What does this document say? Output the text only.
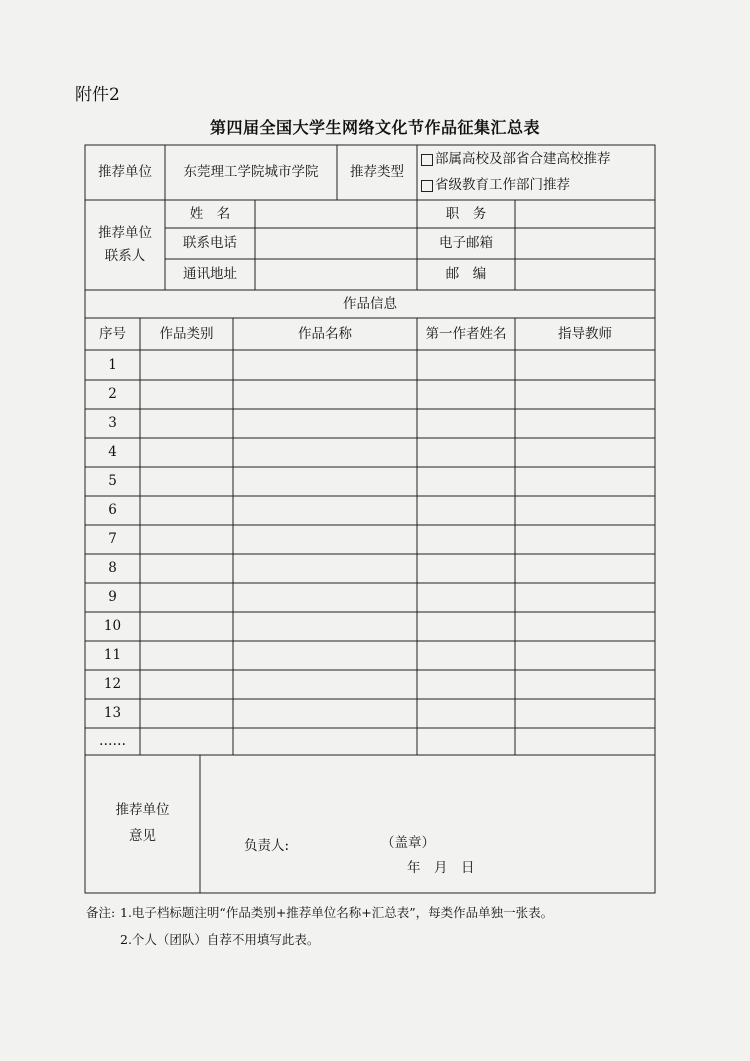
附件2
第四届全国大学生网络文化节作品征集汇总表
推荐单位	东莞理工学院城市学院	推荐类型
部属高校及部省合建高校推荐
省级教育工作部门推荐
推荐单位
联系人
姓　名	职　务
联系电话	电子邮箱
通讯地址	邮　编
作品信息
序号	作品类别	作品名称	第一作者姓名	指导教师
1
2
3
4
5
6
7
8
9
10
11
12
13
……
推荐单位
意见
负责人:	（盖章）
年　月　日
备注: 1.电子档标题注明“作品类别+推荐单位名称+汇总表”，每类作品单独一张表。
2.个人（团队）自荐不用填写此表。
